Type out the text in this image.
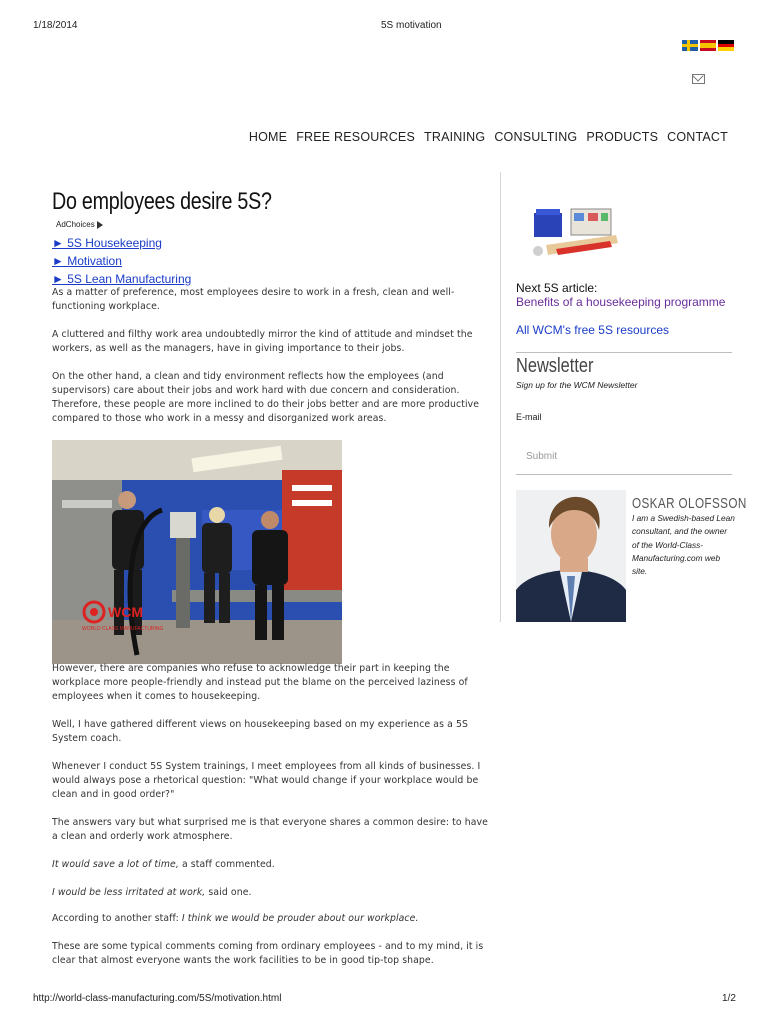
1/18/2014	5S motivation
HOME FREE RESOURCES TRAINING CONSULTING PRODUCTS CONTACT
Do employees desire 5S?
AdChoices
► 5S Housekeeping
► Motivation
► 5S Lean Manufacturing

As a matter of preference, most employees desire to work in a fresh, clean and well-functioning workplace.

A cluttered and filthy work area undoubtedly mirror the kind of attitude and mindset the workers, as well as the managers, have in giving importance to their jobs.

On the other hand, a clean and tidy environment reflects how the employees (and supervisors) care about their jobs and work hard with due concern and consideration. Therefore, these people are more inclined to do their jobs better and are more productive compared to those who work in a messy and disorganized work areas.

WCM
WORLD CLASS MANUFACTURING

However, there are companies who refuse to acknowledge their part in keeping the workplace more people-friendly and instead put the blame on the perceived laziness of employees when it comes to housekeeping.

Well, I have gathered different views on housekeeping based on my experience as a 5S System coach.

Whenever I conduct 5S System trainings, I meet employees from all kinds of businesses. I would always pose a rhetorical question: "What would change if your workplace would be clean and in good order?"

The answers vary but what surprised me is that everyone shares a common desire: to have a clean and orderly work atmosphere.

It would save a lot of time, a staff commented.

I would be less irritated at work, said one.

According to another staff: I think we would be prouder about our workplace.

These are some typical comments coming from ordinary employees - and to my mind, it is clear that almost everyone wants the work facilities to be in good tip-top shape.

Next 5S article:
Benefits of a housekeeping programme
All WCM's free 5S resources
Newsletter
Sign up for the WCM Newsletter
E-mail
Submit
OSKAR OLOFSSON

I am a Swedish-based Lean consultant, and the owner of the World-Class-Manufacturing.com web site.

http://world-class-manufacturing.com/5S/motivation.html	1/2
